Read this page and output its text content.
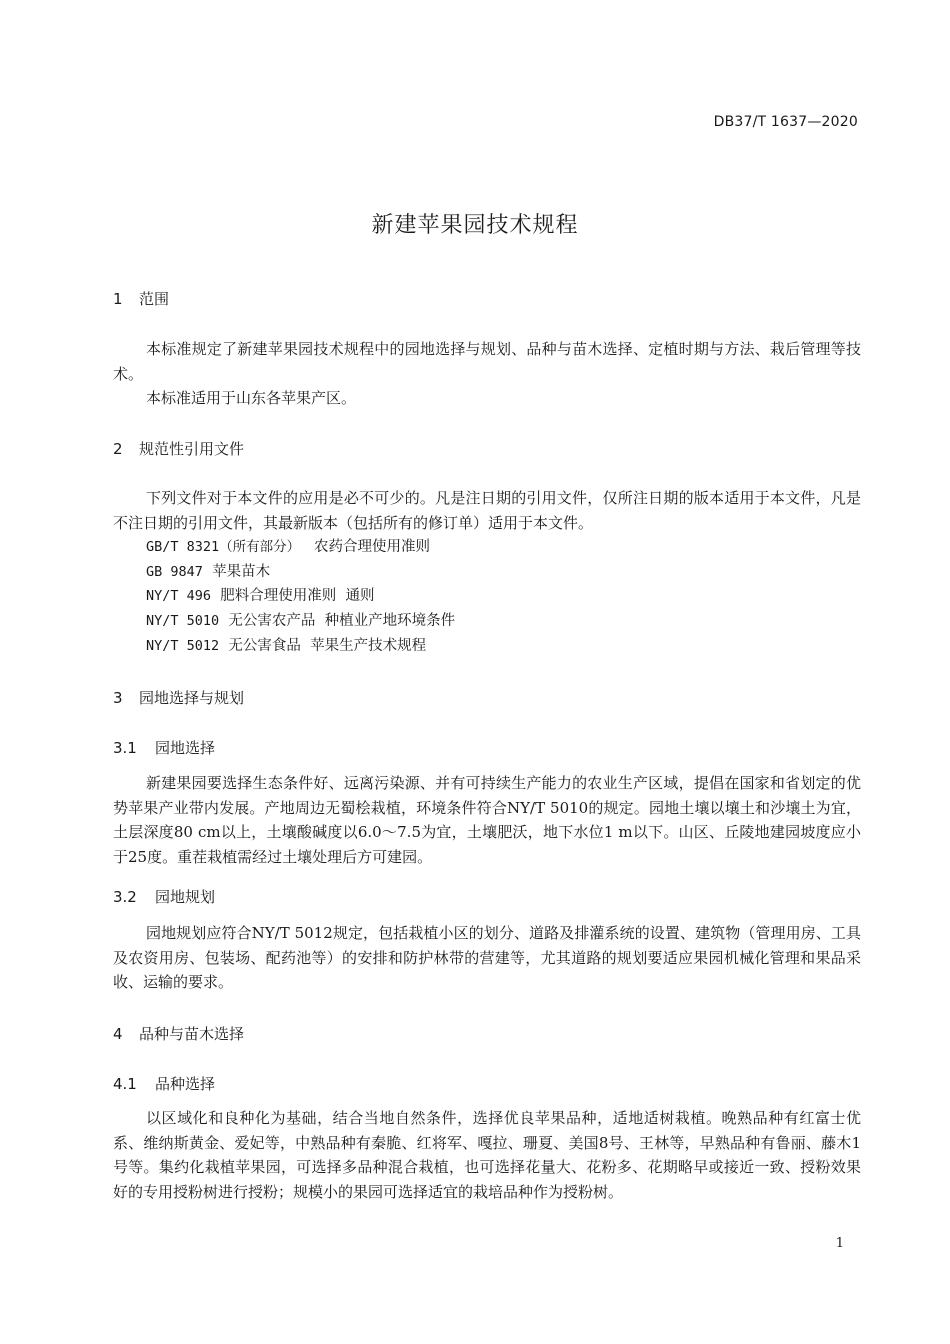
DB37/T 1637—2020
新建苹果园技术规程
1 范围

本标准规定了新建苹果园技术规程中的园地选择与规划、品种与苗木选择、定植时期与方法、栽后管理等技术。

本标准适用于山东各苹果产区。

2 规范性引用文件

下列文件对于本文件的应用是必不可少的。凡是注日期的引用文件，仅所注日期的版本适用于本文件，凡是不注日期的引用文件，其最新版本（包括所有的修订单）适用于本文件。

GB/T 8321（所有部分） 农药合理使用准则
GB 9847 苹果苗木
NY/T 496 肥料合理使用准则  通则
NY/T 5010 无公害农产品  种植业产地环境条件
NY/T 5012 无公害食品  苹果生产技术规程
3 园地选择与规划
3.1 园地选择

新建果园要选择生态条件好、远离污染源、并有可持续生产能力的农业生产区域，提倡在国家和省划定的优势苹果产业带内发展。产地周边无蜀桧栽植，环境条件符合NY/T 5010的规定。园地土壤以壤土和沙壤土为宜，土层深度80 cm以上，土壤酸碱度以6.0～7.5为宜，土壤肥沃，地下水位1 m以下。山区、丘陵地建园坡度应小于25度。重茬栽植需经过土壤处理后方可建园。

3.2 园地规划

园地规划应符合NY/T 5012规定，包括栽植小区的划分、道路及排灌系统的设置、建筑物（管理用房、工具及农资用房、包装场、配药池等）的安排和防护林带的营建等，尤其道路的规划要适应果园机械化管理和果品采收、运输的要求。

4 品种与苗木选择
4.1 品种选择

以区域化和良种化为基础，结合当地自然条件，选择优良苹果品种，适地适树栽植。晚熟品种有红富士优系、维纳斯黄金、爱妃等，中熟品种有秦脆、红将军、嘎拉、珊夏、美国8号、王林等，早熟品种有鲁丽、藤木1号等。集约化栽植苹果园，可选择多品种混合栽植，也可选择花量大、花粉多、花期略早或接近一致、授粉效果好的专用授粉树进行授粉；规模小的果园可选择适宜的栽培品种作为授粉树。

1
